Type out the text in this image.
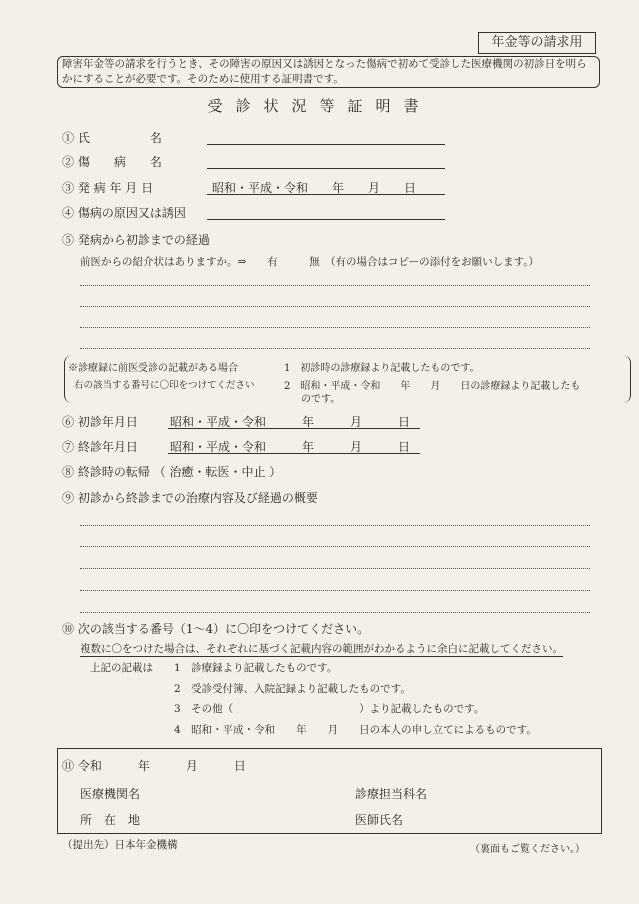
年金等の請求用
障害年金等の請求を行うとき、その障害の原因又は誘因となった傷病で初めて受診した医療機関の初診日を明らかにすることが必要です。そのために使用する証明書です。
受診状況等証明書
① 氏　　　　　名
② 傷　　病　　名
③ 発 病 年 月 日	昭和・平成・令和　　年　　月　　日
④ 傷病の原因又は誘因
⑤ 発病から初診までの経過
前医からの紹介状はありますか。⇒　　有　　　無　（有の場合はコピーの添付をお願いします。）
※診療録に前医受診の記載がある場合
右の該当する番号に〇印をつけてください
1　初診時の診療録より記載したものです。
2　昭和・平成・令和　　年　　月　　日の診療録より記載したも
のです。
⑥ 初診年月日	昭和・平成・令和　　　年　　　月　　　日
⑦ 終診年月日	昭和・平成・令和　　　年　　　月　　　日
⑧ 終診時の転帰 （ 治癒・転医・中止 ）
⑨ 初診から終診までの治療内容及び経過の概要
⑩ 次の該当する番号（1～4）に〇印をつけてください。
複数に〇をつけた場合は、それぞれに基づく記載内容の範囲がわかるように余白に記載してください。
上記の記載は 1　診療録より記載したものです。
2　受診受付簿、入院記録より記載したものです。
3　その他（　　　　　　　　　　　　）より記載したものです。
4　昭和・平成・令和　　年　　月　　日の本人の申し立てによるものです。
⑪ 令和　　　年　　　月　　　日
医療機関名	診療担当科名
所　在　地	医師氏名
（提出先）日本年金機構	（裏面もご覧ください。）
